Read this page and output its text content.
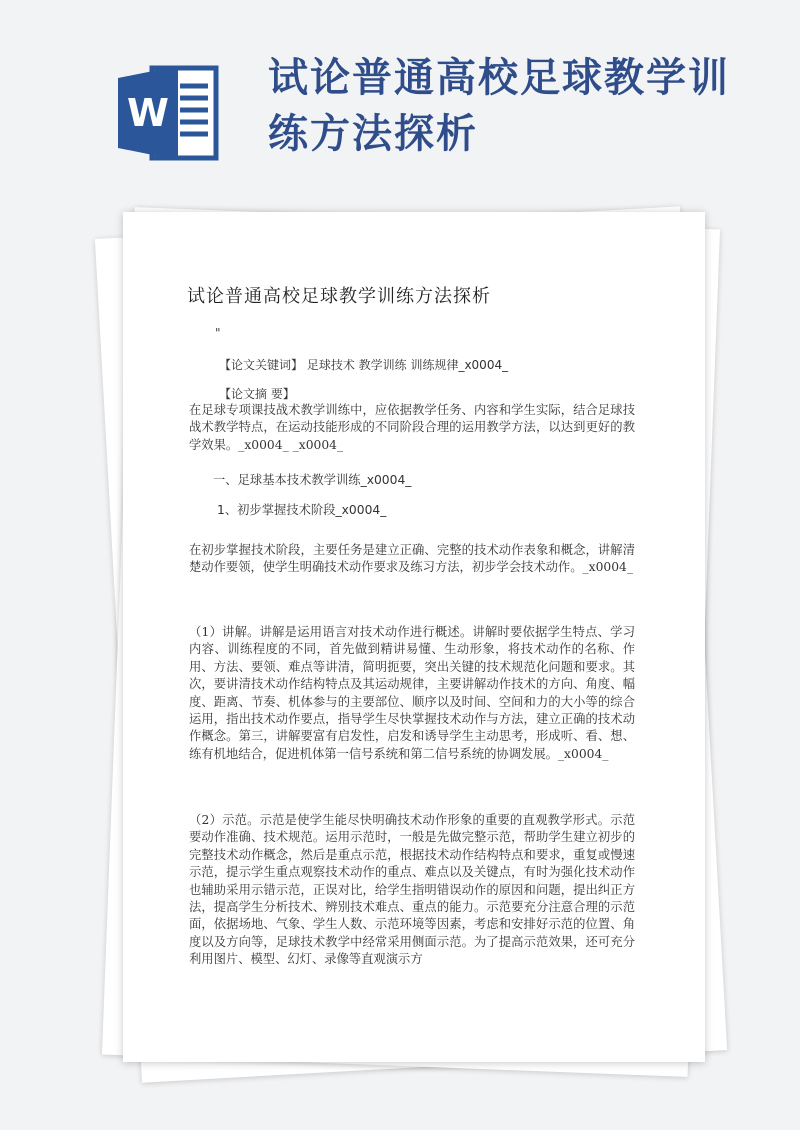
W
试论普通高校足球教学训练方法探析
试论普通高校足球教学训练方法探析
"
【论文关键词】 足球技术 教学训练 训练规律_x0004_
【论文摘 要】
在足球专项课技战术教学训练中，应依据教学任务、内容和学生实际，结合足球技战术教学特点，在运动技能形成的不同阶段合理的运用教学方法，以达到更好的教学效果。_x0004_ _x0004_
一、足球基本技术教学训练_x0004_
1、初步掌握技术阶段_x0004_
在初步掌握技术阶段，主要任务是建立正确、完整的技术动作表象和概念，讲解清楚动作要领，使学生明确技术动作要求及练习方法，初步学会技术动作。_x0004_
（1）讲解。讲解是运用语言对技术动作进行概述。讲解时要依据学生特点、学习内容、训练程度的不同，首先做到精讲易懂、生动形象，将技术动作的名称、作用、方法、要领、难点等讲清，简明扼要，突出关键的技术规范化问题和要求。其次，要讲清技术动作结构特点及其运动规律，主要讲解动作技术的方向、角度、幅度、距离、节奏、机体参与的主要部位、顺序以及时间、空间和力的大小等的综合运用，指出技术动作要点，指导学生尽快掌握技术动作与方法，建立正确的技术动作概念。第三，讲解要富有启发性，启发和诱导学生主动思考，形成听、看、想、练有机地结合，促进机体第一信号系统和第二信号系统的协调发展。_x0004_
（2）示范。示范是使学生能尽快明确技术动作形象的重要的直观教学形式。示范要动作准确、技术规范。运用示范时，一般是先做完整示范，帮助学生建立初步的完整技术动作概念，然后是重点示范，根据技术动作结构特点和要求，重复或慢速示范，提示学生重点观察技术动作的重点、难点以及关键点，有时为强化技术动作也辅助采用示错示范，正误对比，给学生指明错误动作的原因和问题，提出纠正方法，提高学生分析技术、辨别技术难点、重点的能力。示范要充分注意合理的示范面，依据场地、气象、学生人数、示范环境等因素，考虑和安排好示范的位置、角度以及方向等，足球技术教学中经常采用侧面示范。为了提高示范效果，还可充分利用图片、模型、幻灯、录像等直观演示方
